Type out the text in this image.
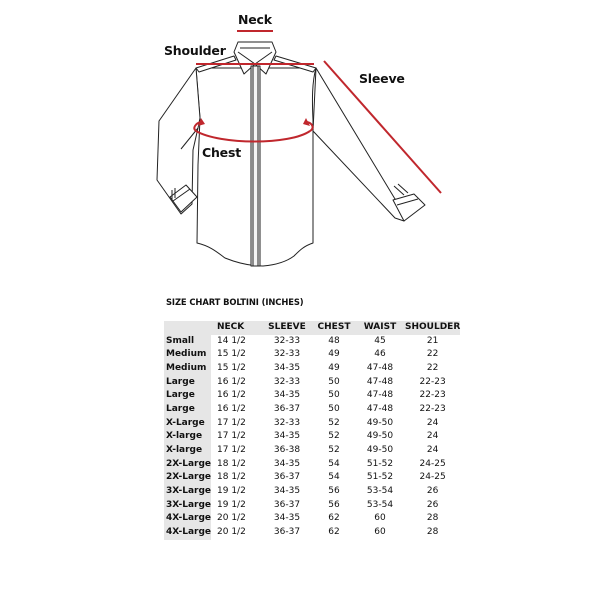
Neck
Shoulder
Sleeve
Chest
SIZE CHART BOLTINI (INCHES)
	NECK	SLEEVE	CHEST	WAIST	SHOULDER
Small	14 1/2	32-33	48	45	21
Medium	15 1/2	32-33	49	46	22
Medium	15 1/2	34-35	49	47-48	22
Large	16 1/2	32-33	50	47-48	22-23
Large	16 1/2	34-35	50	47-48	22-23
Large	16 1/2	36-37	50	47-48	22-23
X-Large	17 1/2	32-33	52	49-50	24
X-large	17 1/2	34-35	52	49-50	24
X-large	17 1/2	36-38	52	49-50	24
2X-Large	18 1/2	34-35	54	51-52	24-25
2X-Large	18 1/2	36-37	54	51-52	24-25
3X-Large	19 1/2	34-35	56	53-54	26
3X-Large	19 1/2	36-37	56	53-54	26
4X-Large	20 1/2	34-35	62	60	28
4X-Large	20 1/2	36-37	62	60	28
